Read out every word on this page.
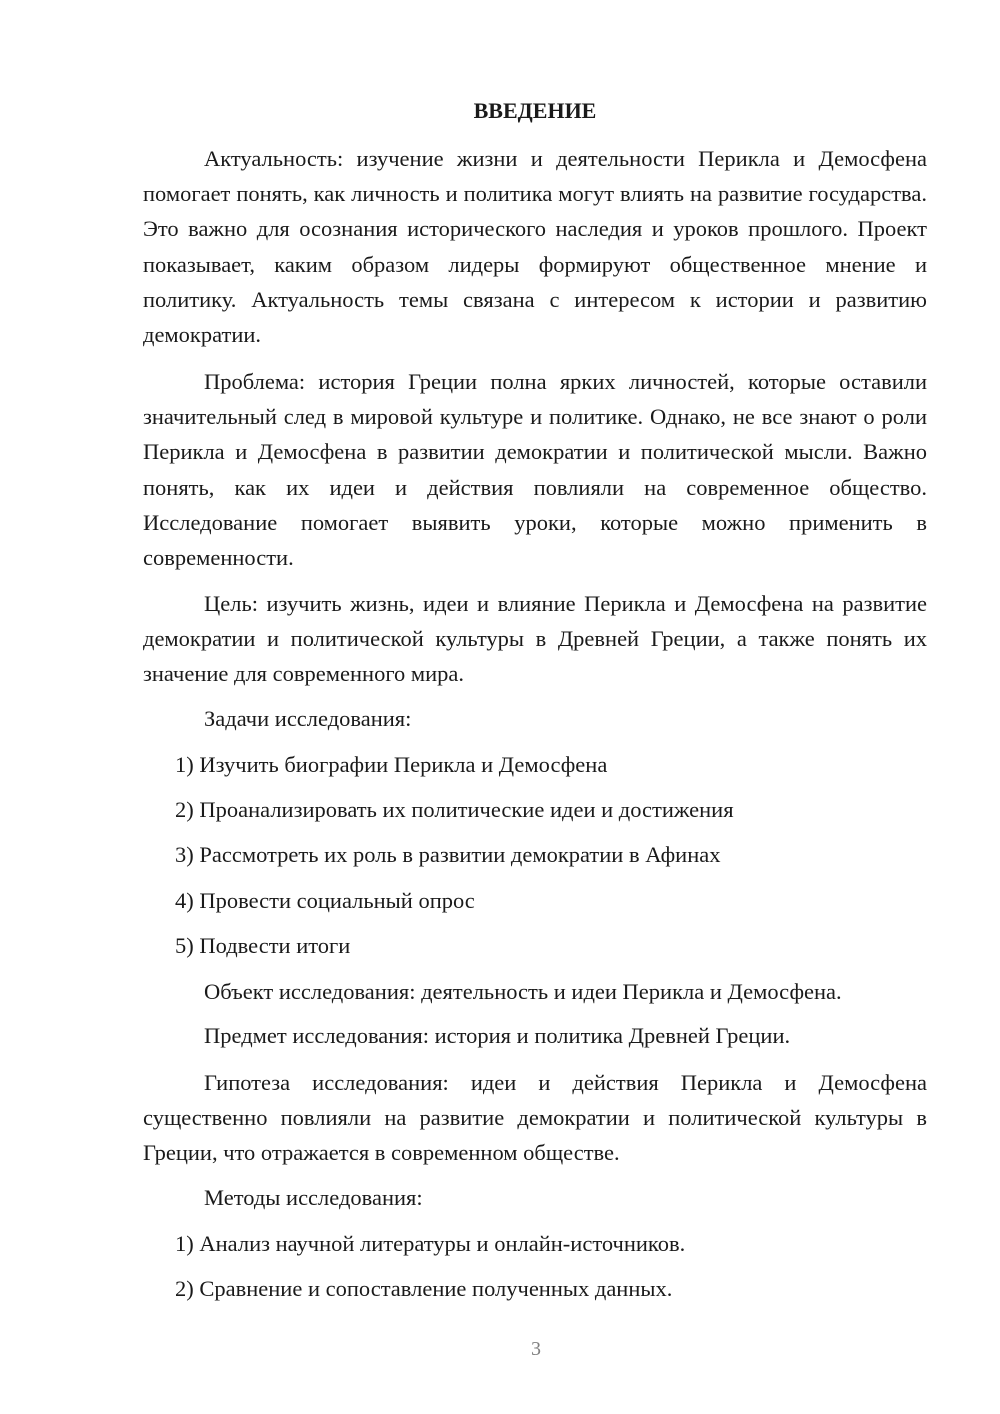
ВВЕДЕНИЕ

Актуальность: изучение жизни и деятельности Перикла и Демосфена помогает понять, как личность и политика могут влиять на развитие государства. Это важно для осознания исторического наследия и уроков прошлого. Проект показывает, каким образом лидеры формируют общественное мнение и политику. Актуальность темы связана с интересом к истории и развитию демократии.

Проблема: история Греции полна ярких личностей, которые оставили значительный след в мировой культуре и политике. Однако, не все знают о роли Перикла и Демосфена в развитии демократии и политической мысли. Важно понять, как их идеи и действия повлияли на современное общество. Исследование помогает выявить уроки, которые можно применить в современности.

Цель: изучить жизнь, идеи и влияние Перикла и Демосфена на развитие демократии и политической культуры в Древней Греции, а также понять их значение для современного мира.

Задачи исследования:
1) Изучить биографии Перикла и Демосфена
2) Проанализировать их политические идеи и достижения
3) Рассмотреть их роль в развитии демократии в Афинах
4) Провести социальный опрос
5) Подвести итоги
Объект исследования: деятельность и идеи Перикла и Демосфена.
Предмет исследования: история и политика Древней Греции.

Гипотеза исследования: идеи и действия Перикла и Демосфена существенно повлияли на развитие демократии и политической культуры в Греции, что отражается в современном обществе.

Методы исследования:
1) Анализ научной литературы и онлайн-источников.
2) Сравнение и сопоставление полученных данных.
3
